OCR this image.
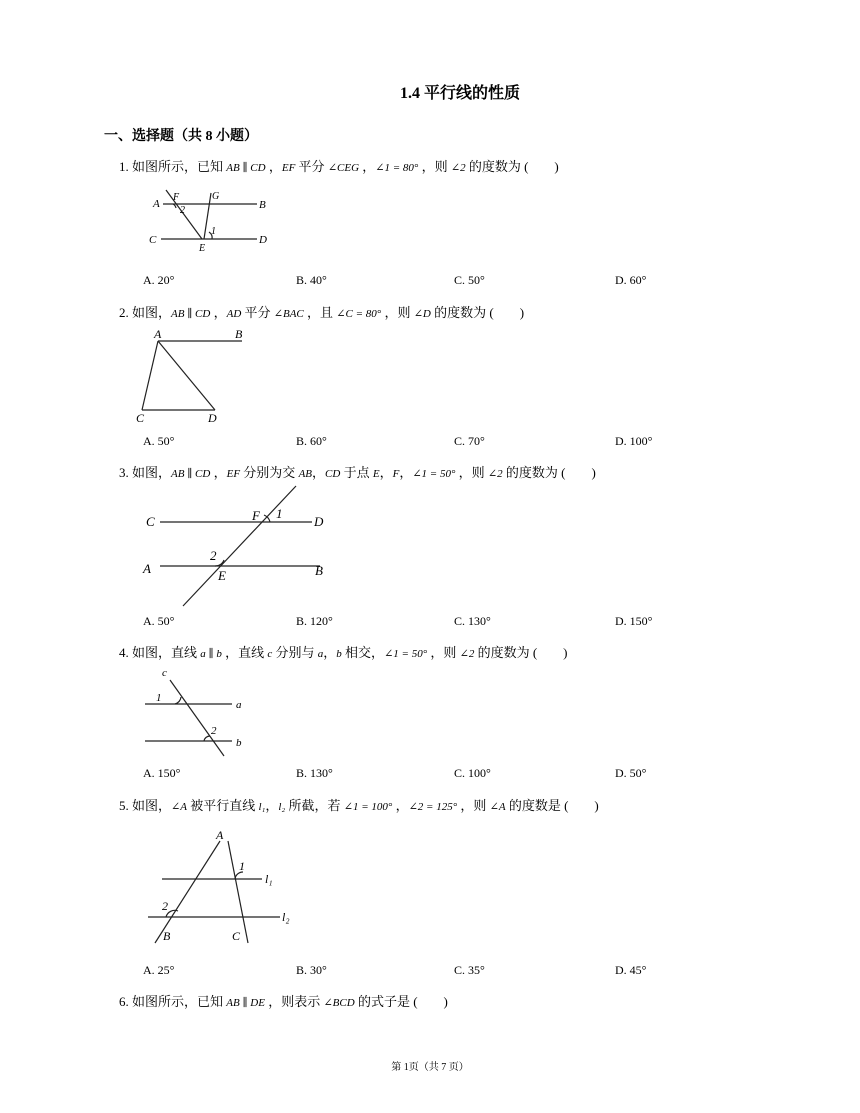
1.4 平行线的性质
一、选择题（共 8 小题）
1. 如图所示，已知 AB ∥ CD ，EF 平分 ∠CEG ，∠1 = 80° ，则 ∠2 的度数为 (　　)
A	B
C	D
E
F	G
1
2
A. 20°	B. 40°	C. 50°	D. 60°
2. 如图，AB ∥ CD ，AD 平分 ∠BAC ，且 ∠C = 80° ，则 ∠D 的度数为 (　　)
A	B
C	D
A. 50°	B. 60°	C. 70°	D. 100°
3. 如图，AB ∥ CD ，EF 分别为交 AB，CD 于点 E，F，∠1 = 50° ，则 ∠2 的度数为 (　　)
C	D
A	B
F
E
1
2
A. 50°	B. 120°	C. 130°	D. 150°
4. 如图，直线 a ∥ b ，直线 c 分别与 a，b 相交，∠1 = 50° ，则 ∠2 的度数为 (　　)
c
a
b
1
2
A. 150°	B. 130°	C. 100°	D. 50°
5. 如图，∠A 被平行直线 l₁，l₂ 所截，若 ∠1 = 100° ，∠2 = 125° ，则 ∠A 的度数是 (　　)
A
B	C
l₁
l₂
1
2
A. 25°	B. 30°	C. 35°	D. 45°
6. 如图所示，已知 AB ∥ DE ，则表示 ∠BCD 的式子是 (　　)
第 1页（共 7 页）
